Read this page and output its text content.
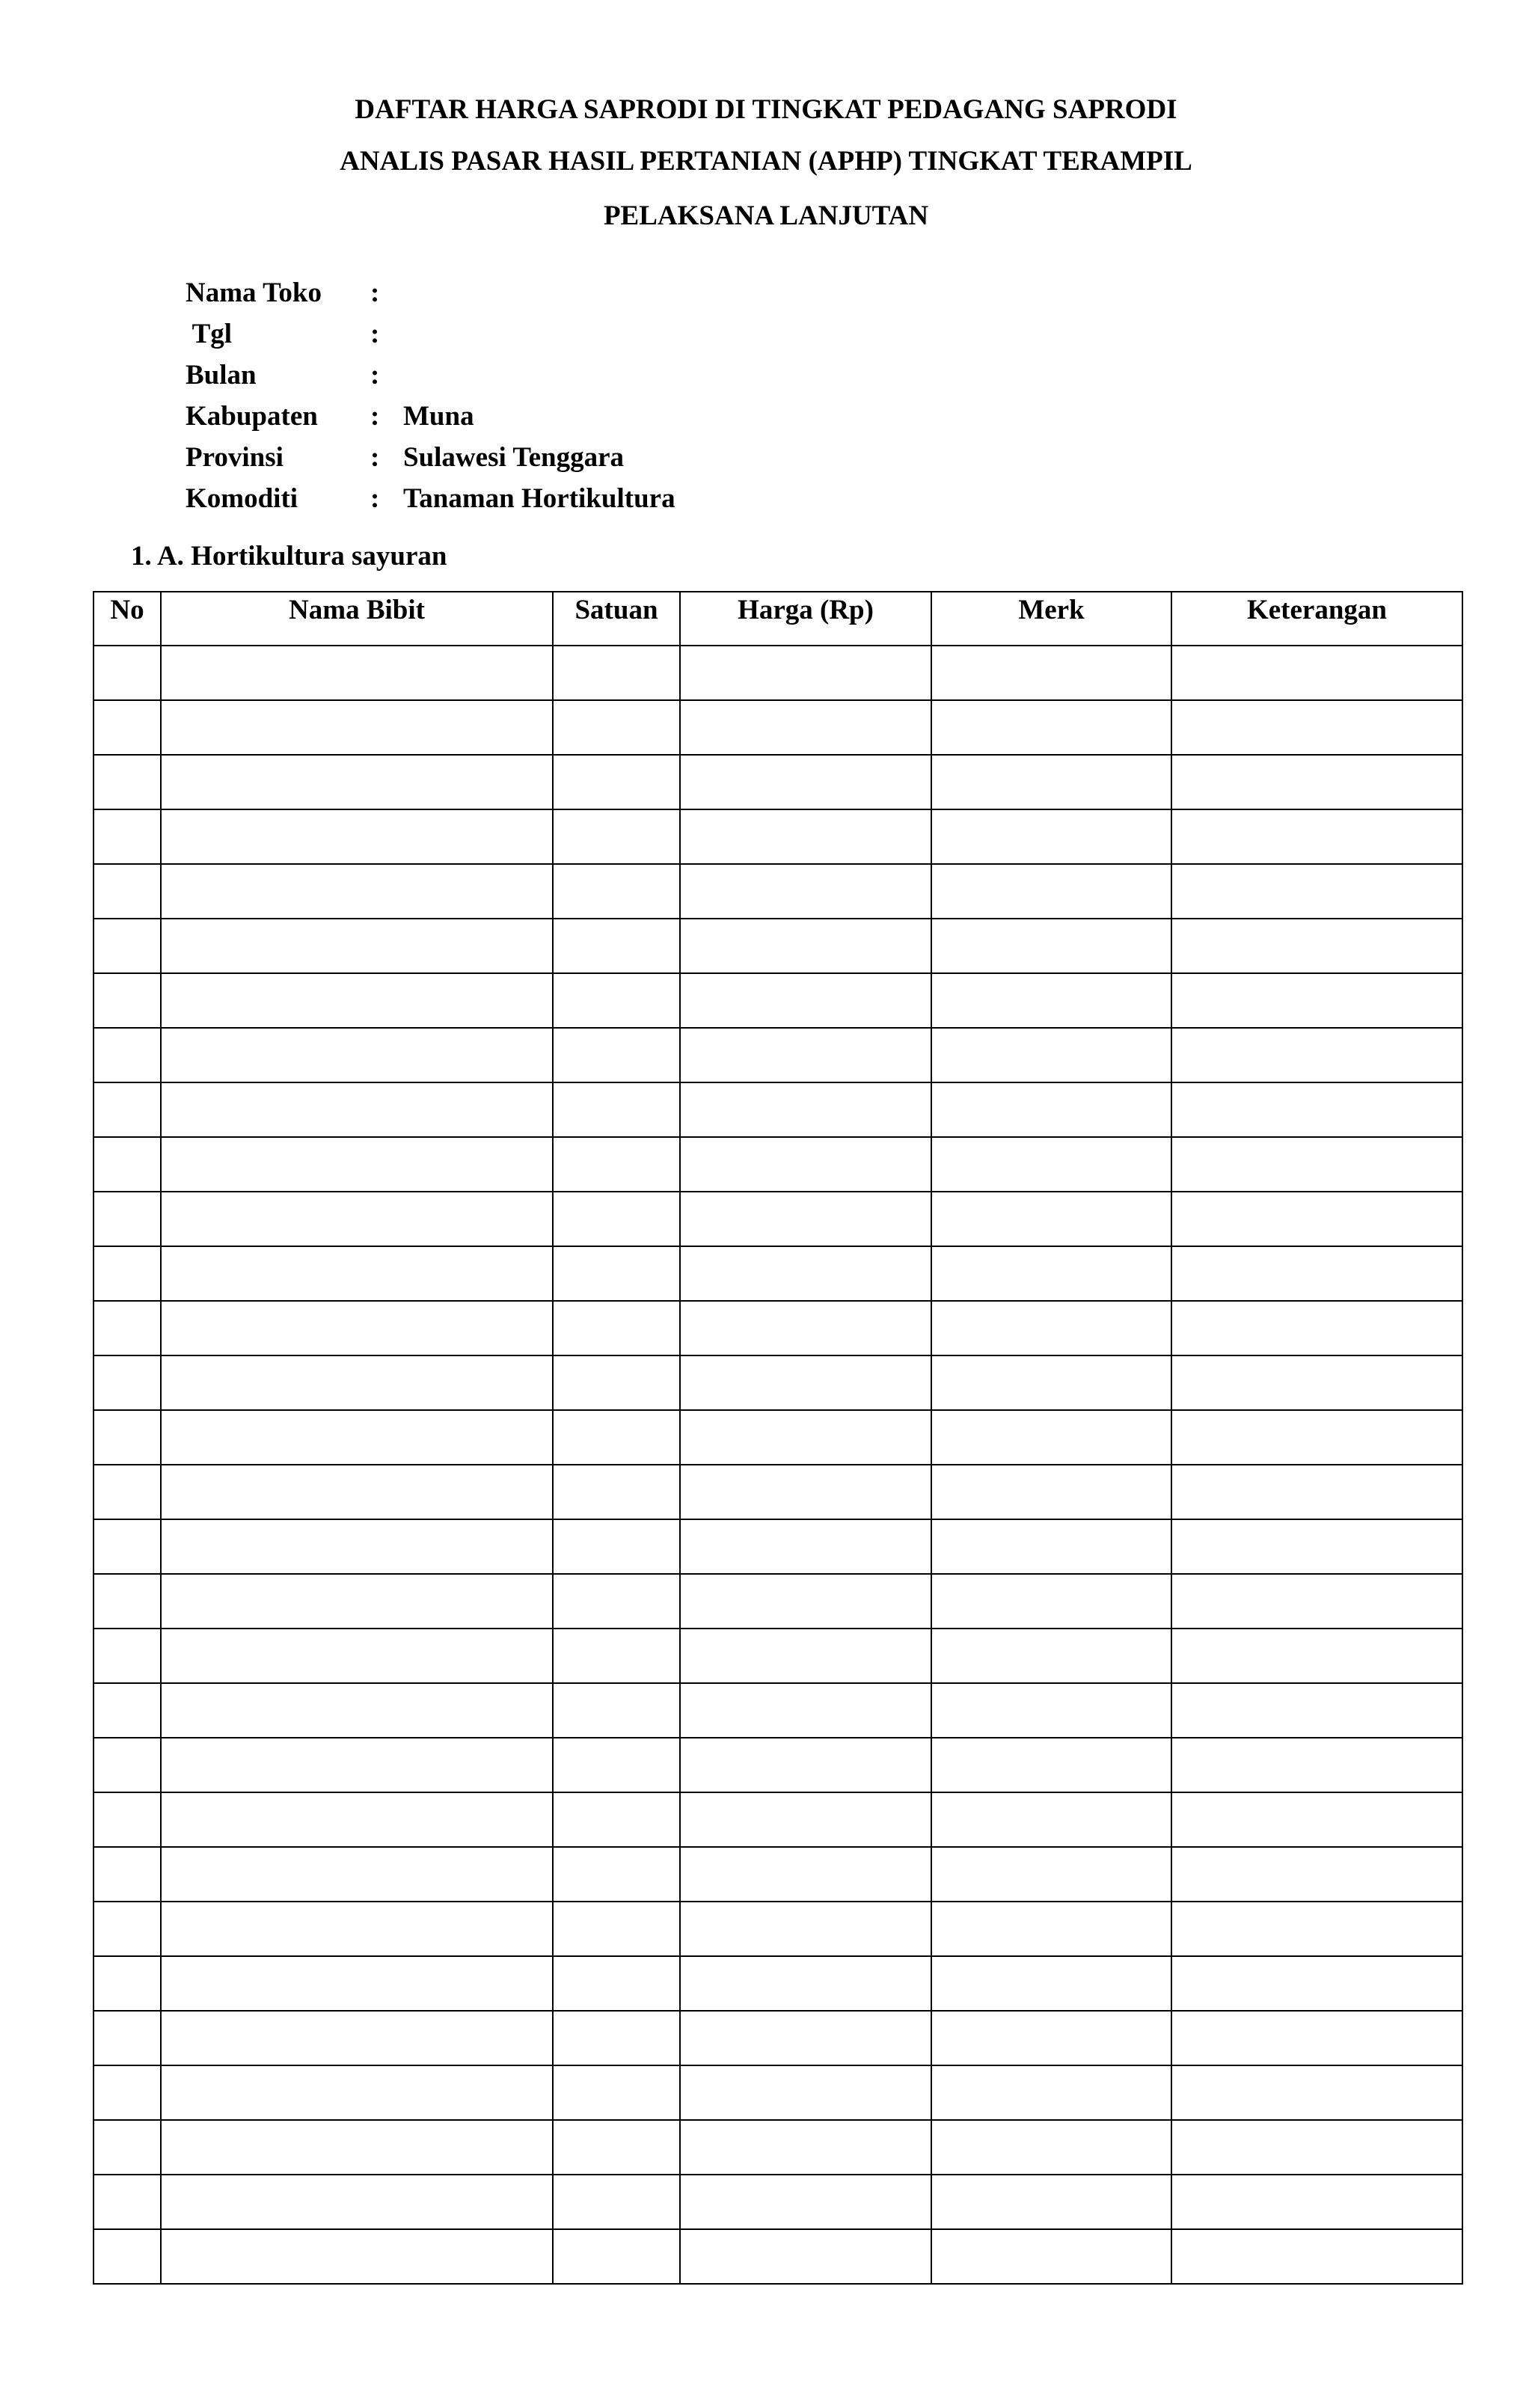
DAFTAR HARGA SAPRODI DI TINGKAT PEDAGANG SAPRODI
ANALIS PASAR HASIL PERTANIAN (APHP) TINGKAT TERAMPIL
PELAKSANA LANJUTAN
Nama Toko :
Tgl	:
Bulan	:
Kabupaten : Muna
Provinsi	: Sulawesi Tenggara
Komoditi	: Tanaman Hortikultura
1. A. Hortikultura sayuran
No	Nama Bibit	Satuan	Harga (Rp)	Merk	Keterangan
